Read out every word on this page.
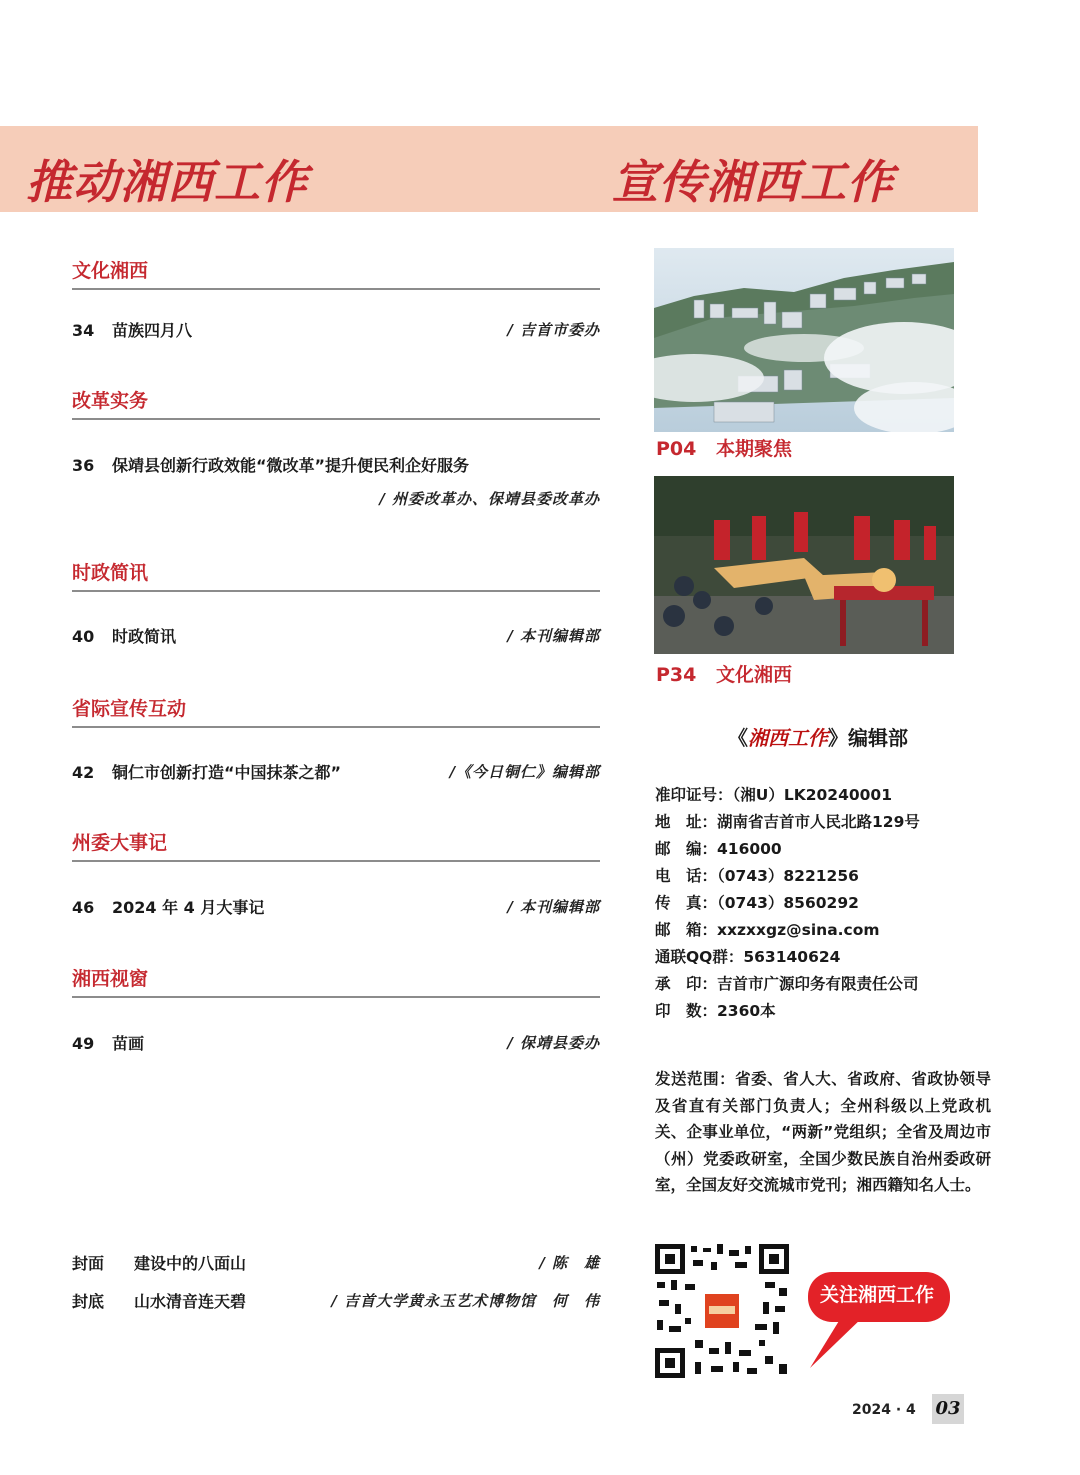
推动湘西工作	宣传湘西工作
文化湘西
34 苗族四月八	/ 吉首市委办
改革实务
36 保靖县创新行政效能“微改革”提升便民利企好服务
/ 州委改革办、保靖县委改革办
时政简讯
40 时政简讯	/ 本刊编辑部
省际宣传互动
42 铜仁市创新打造“中国抹茶之都”	/《今日铜仁》编辑部
州委大事记
46 2024 年 4 月大事记	/ 本刊编辑部
湘西视窗
49 苗画	/ 保靖县委办
封面 建设中的八面山	/ 陈　雄
封底 山水清音连天碧	/ 吉首大学黄永玉艺术博物馆　何　伟
P04 本期聚焦
P34 文化湘西
《湘西工作》编辑部
准印证号：（湘U）LK20240001
地　址：湖南省吉首市人民北路129号
邮　编：416000
电　话：（0743）8221256
传　真：（0743）8560292
邮　箱：xxzxxgz@sina.com
通联QQ群：563140624
承　印：吉首市广源印务有限责任公司
印　数：2360本
发送范围：省委、省人大、省政府、省政协领导及省直有关部门负责人；全州科级以上党政机关、企事业单位，“两新”党组织；全省及周边市（州）党委政研室，全国少数民族自治州委政研室，全国友好交流城市党刊；湘西籍知名人士。
关注湘西工作
2024 · 4 03
